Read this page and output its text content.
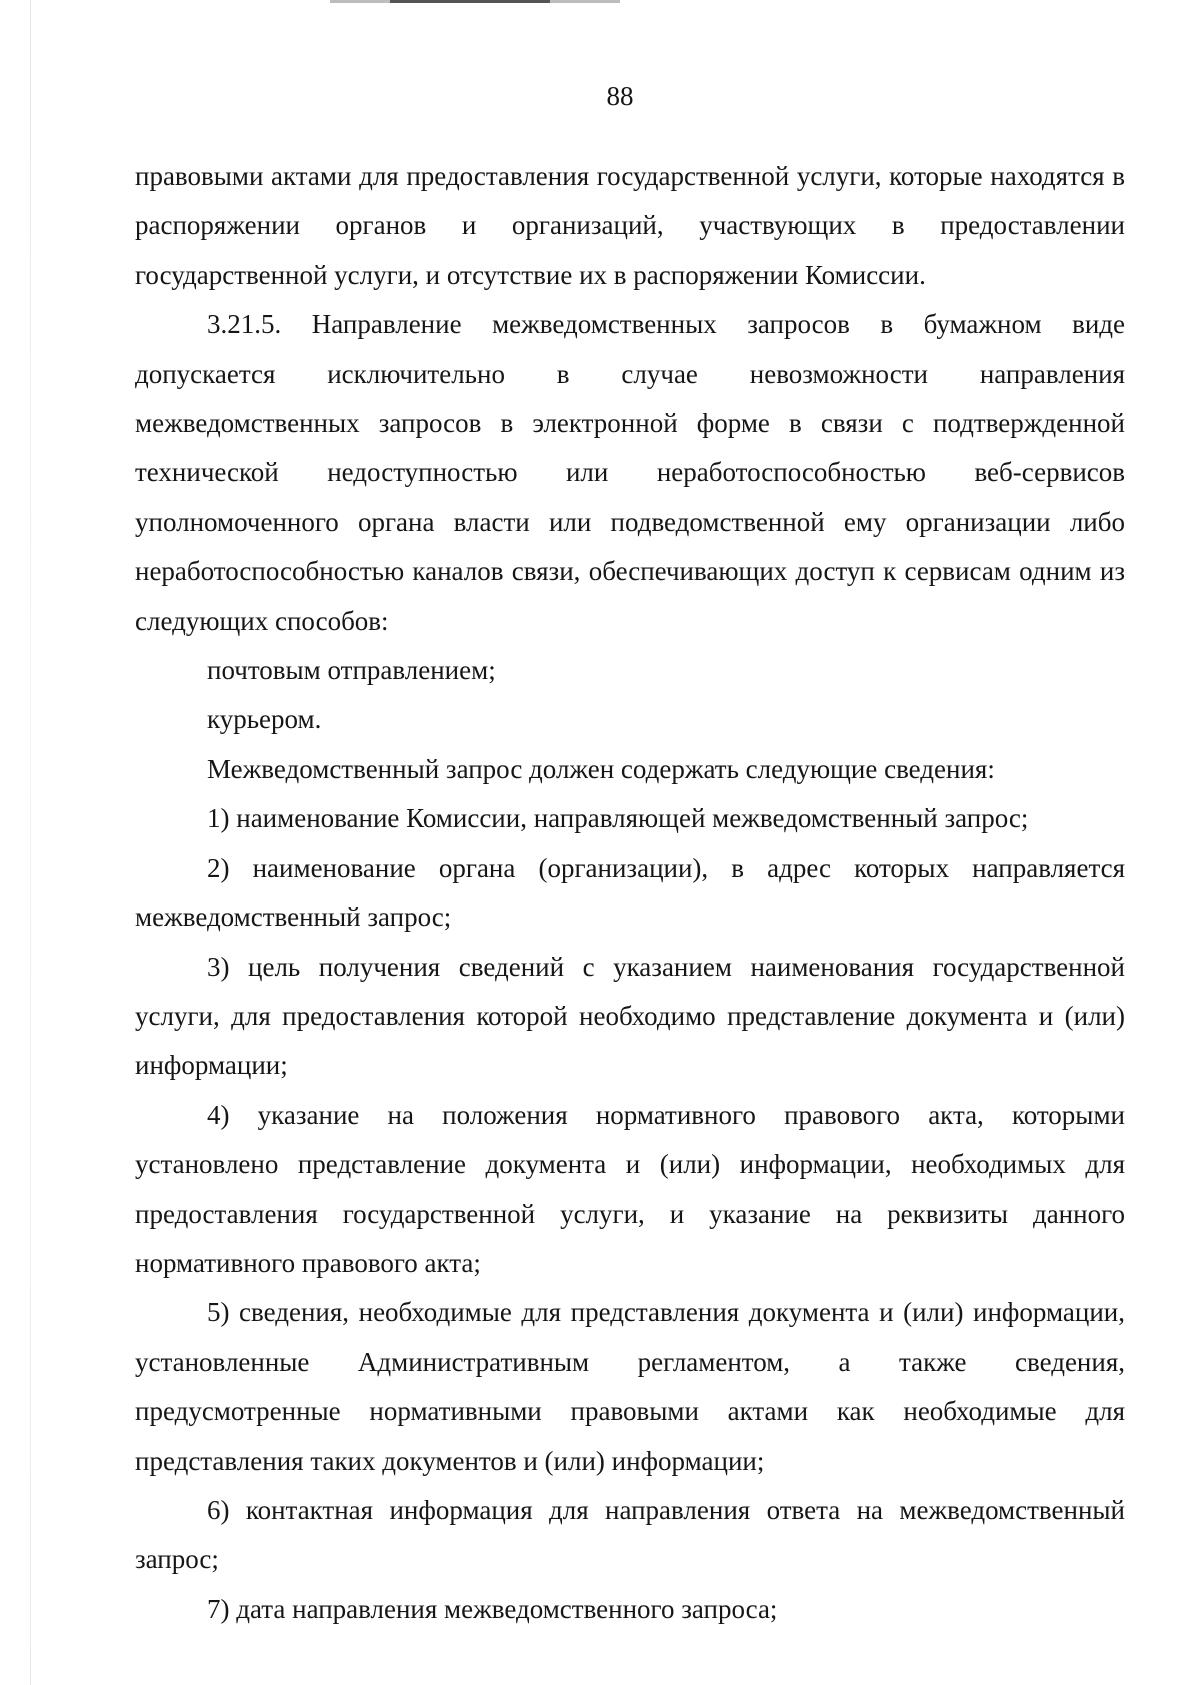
88

правовыми актами для предоставления государственной услуги, которые находятся в распоряжении органов и организаций, участвующих в предоставлении государственной услуги, и отсутствие их в распоряжении Комиссии.

3.21.5. Направление межведомственных запросов в бумажном виде допускается исключительно в случае невозможности направления межведомственных запросов в электронной форме в связи с подтвержденной технической недоступностью или неработоспособностью веб-сервисов уполномоченного органа власти или подведомственной ему организации либо неработоспособностью каналов связи, обеспечивающих доступ к сервисам одним из следующих способов:

почтовым отправлением;

курьером.

Межведомственный запрос должен содержать следующие сведения:

1) наименование Комиссии, направляющей межведомственный запрос;
2) наименование органа (организации), в адрес которых направляется межведомственный запрос;
3) цель получения сведений с указанием наименования государственной услуги, для предоставления которой необходимо представление документа и (или) информации;
4) указание на положения нормативного правового акта, которыми установлено представление документа и (или) информации, необходимых для предоставления государственной услуги, и указание на реквизиты данного нормативного правового акта;
5) сведения, необходимые для представления документа и (или) информации, установленные Административным регламентом, а также сведения, предусмотренные нормативными правовыми актами как необходимые для представления таких документов и (или) информации;
6) контактная информация для направления ответа на межведомственный запрос;
7) дата направления межведомственного запроса;
